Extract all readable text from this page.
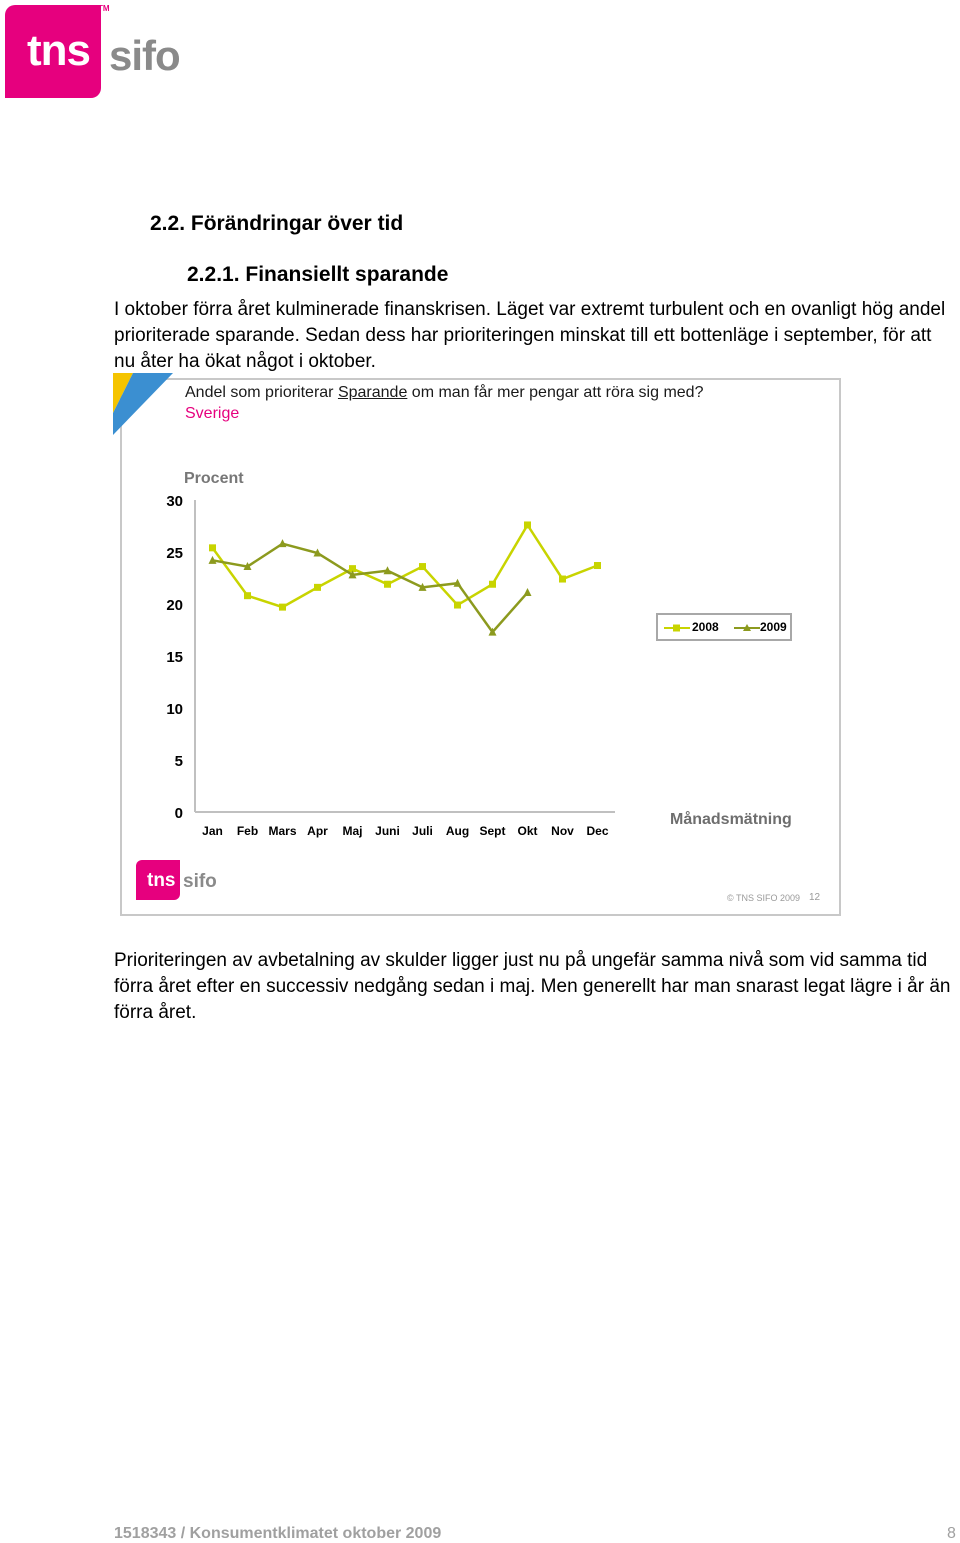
tns
TM
sifo
2.2. Förändringar över tid
2.2.1. Finansiellt sparande

I oktober förra året kulminerade finanskrisen. Läget var extremt turbulent och en ovanligt hög andel prioriterade sparande. Sedan dess har prioriteringen minskat till ett bottenläge i september, för att nu åter ha ökat något i oktober.

Andel som prioriterar Sparande om man får mer pengar att röra sig med?
Sverige
0
5
10
15
20
25
30
Procent
Jan Feb Mars Apr Maj Juni Juli Aug Sept Okt Nov Dec
2008	2009
Månadsmätning
tns sifo
© TNS SIFO 2009 12

Prioriteringen av avbetalning av skulder ligger just nu på ungefär samma nivå som vid samma tid förra året efter en successiv nedgång sedan i maj. Men generellt har man snarast legat lägre i år än förra året.

1518343 / Konsumentklimatet oktober 2009	8
